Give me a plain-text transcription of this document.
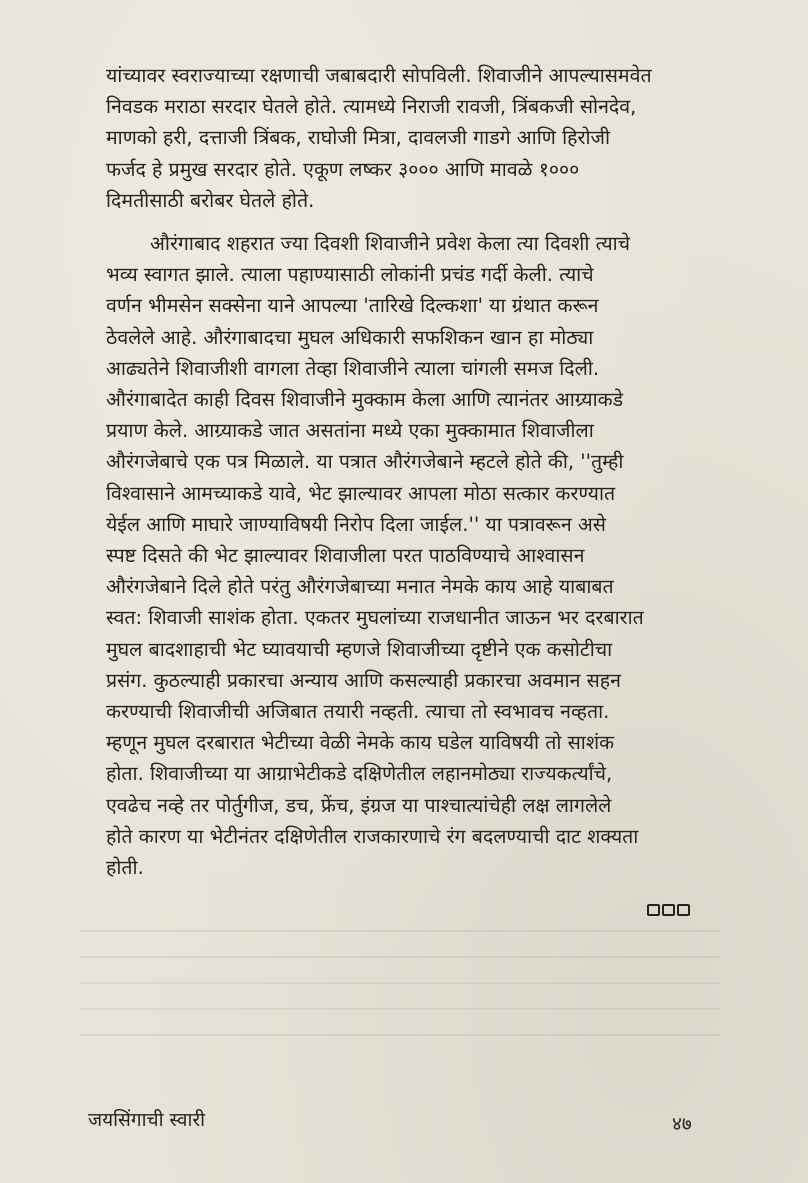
यांच्यावर स्वराज्याच्या रक्षणाची जबाबदारी सोपविली. शिवाजीने आपल्यासमवेत
निवडक मराठा सरदार घेतले होते. त्यामध्ये निराजी रावजी, त्रिंबकजी सोनदेव,
माणको हरी, दत्ताजी त्रिंबक, राघोजी मित्रा, दावलजी गाडगे आणि हिरोजी
फर्जद हे प्रमुख सरदार होते. एकूण लष्कर ३००० आणि मावळे १०००
दिमतीसाठी बरोबर घेतले होते.

औरंगाबाद शहरात ज्या दिवशी शिवाजीने प्रवेश केला त्या दिवशी त्याचे
भव्य स्वागत झाले. त्याला पहाण्यासाठी लोकांनी प्रचंड गर्दी केली. त्याचे
वर्णन भीमसेन सक्सेना याने आपल्या 'तारिखे दिल्कशा' या ग्रंथात करून
ठेवलेले आहे. औरंगाबादचा मुघल अधिकारी सफशिकन खान हा मोठ्या
आढ्यतेने शिवाजीशी वागला तेव्हा शिवाजीने त्याला चांगली समज दिली.
औरंगाबादेत काही दिवस शिवाजीने मुक्काम केला आणि त्यानंतर आग्र्याकडे
प्रयाण केले. आग्र्याकडे जात असतांना मध्ये एका मुक्कामात शिवाजीला
औरंगजेबाचे एक पत्र मिळाले. या पत्रात औरंगजेबाने म्हटले होते की, ''तुम्ही
विश्वासाने आमच्याकडे यावे, भेट झाल्यावर आपला मोठा सत्कार करण्यात
येईल आणि माघारे जाण्याविषयी निरोप दिला जाईल.'' या पत्रावरून असे
स्पष्ट दिसते की भेट झाल्यावर शिवाजीला परत पाठविण्याचे आश्वासन
औरंगजेबाने दिले होते परंतु औरंगजेबाच्या मनात नेमके काय आहे याबाबत
स्वत: शिवाजी साशंक होता. एकतर मुघलांच्या राजधानीत जाऊन भर दरबारात
मुघल बादशाहाची भेट घ्यावयाची म्हणजे शिवाजीच्या दृष्टीने एक कसोटीचा
प्रसंग. कुठल्याही प्रकारचा अन्याय आणि कसल्याही प्रकारचा अवमान सहन
करण्याची शिवाजीची अजिबात तयारी नव्हती. त्याचा तो स्वभावच नव्हता.
म्हणून मुघल दरबारात भेटीच्या वेळी नेमके काय घडेल याविषयी तो साशंक
होता. शिवाजीच्या या आग्राभेटीकडे दक्षिणेतील लहानमोठ्या राज्यकर्त्यांचे,
एवढेच नव्हे तर पोर्तुगीज, डच, फ्रेंच, इंग्रज या पाश्चात्यांचेही लक्ष लागलेले
होते कारण या भेटीनंतर दक्षिणेतील राजकारणाचे रंग बदलण्याची दाट शक्यता
होती.

जयसिंगाची स्वारी	४७
